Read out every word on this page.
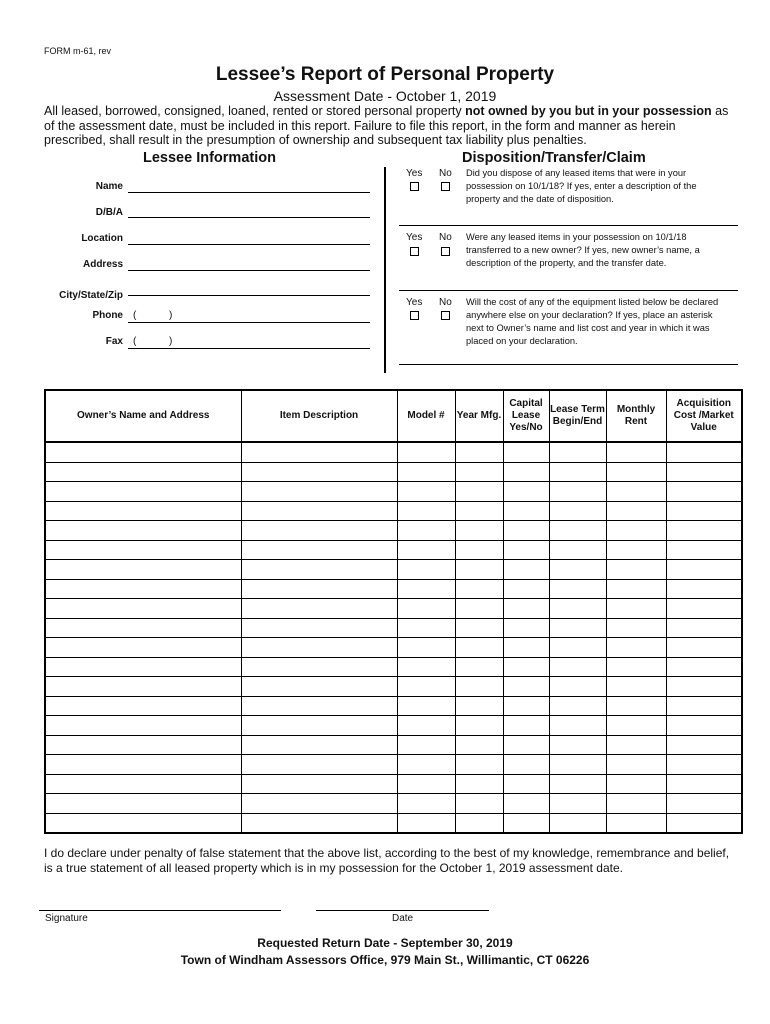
FORM m-61, rev
Lessee’s Report of Personal Property
Assessment Date - October 1, 2019
All leased, borrowed, consigned, loaned, rented or stored personal property not owned by you but in your possession as of the assessment date, must be included in this report. Failure to file this report, in the form and manner as herein prescribed, shall result in the presumption of ownership and subsequent tax liability plus penalties.
Lessee Information
Name
D/B/A
Location
Address
City/State/Zip
Phone (	)
Fax (	)
Disposition/Transfer/Claim
Yes No Did you dispose of any leased items that were in your possession on 10/1/18? If yes, enter a description of the property and the date of disposition.
Yes No Were any leased items in your possession on 10/1/18 transferred to a new owner? If yes, new owner’s name, a description of the property, and the transfer date.
Yes No Will the cost of any of the equipment listed below be declared anywhere else on your declaration? If yes, place an asterisk next to Owner’s name and list cost and year in which it was placed on your declaration.
Owner’s Name and Address	Item Description	Model #	Year Mfg.	Capital Lease Yes/No	Lease Term Begin/End	Monthly Rent	Acquisition Cost /Market Value

I do declare under penalty of false statement that the above list, according to the best of my knowledge, remembrance and belief, is a true statement of all leased property which is in my possession for the October 1, 2019 assessment date.
Signature	Date
Requested Return Date - September 30, 2019
Town of Windham Assessors Office, 979 Main St., Willimantic, CT 06226
